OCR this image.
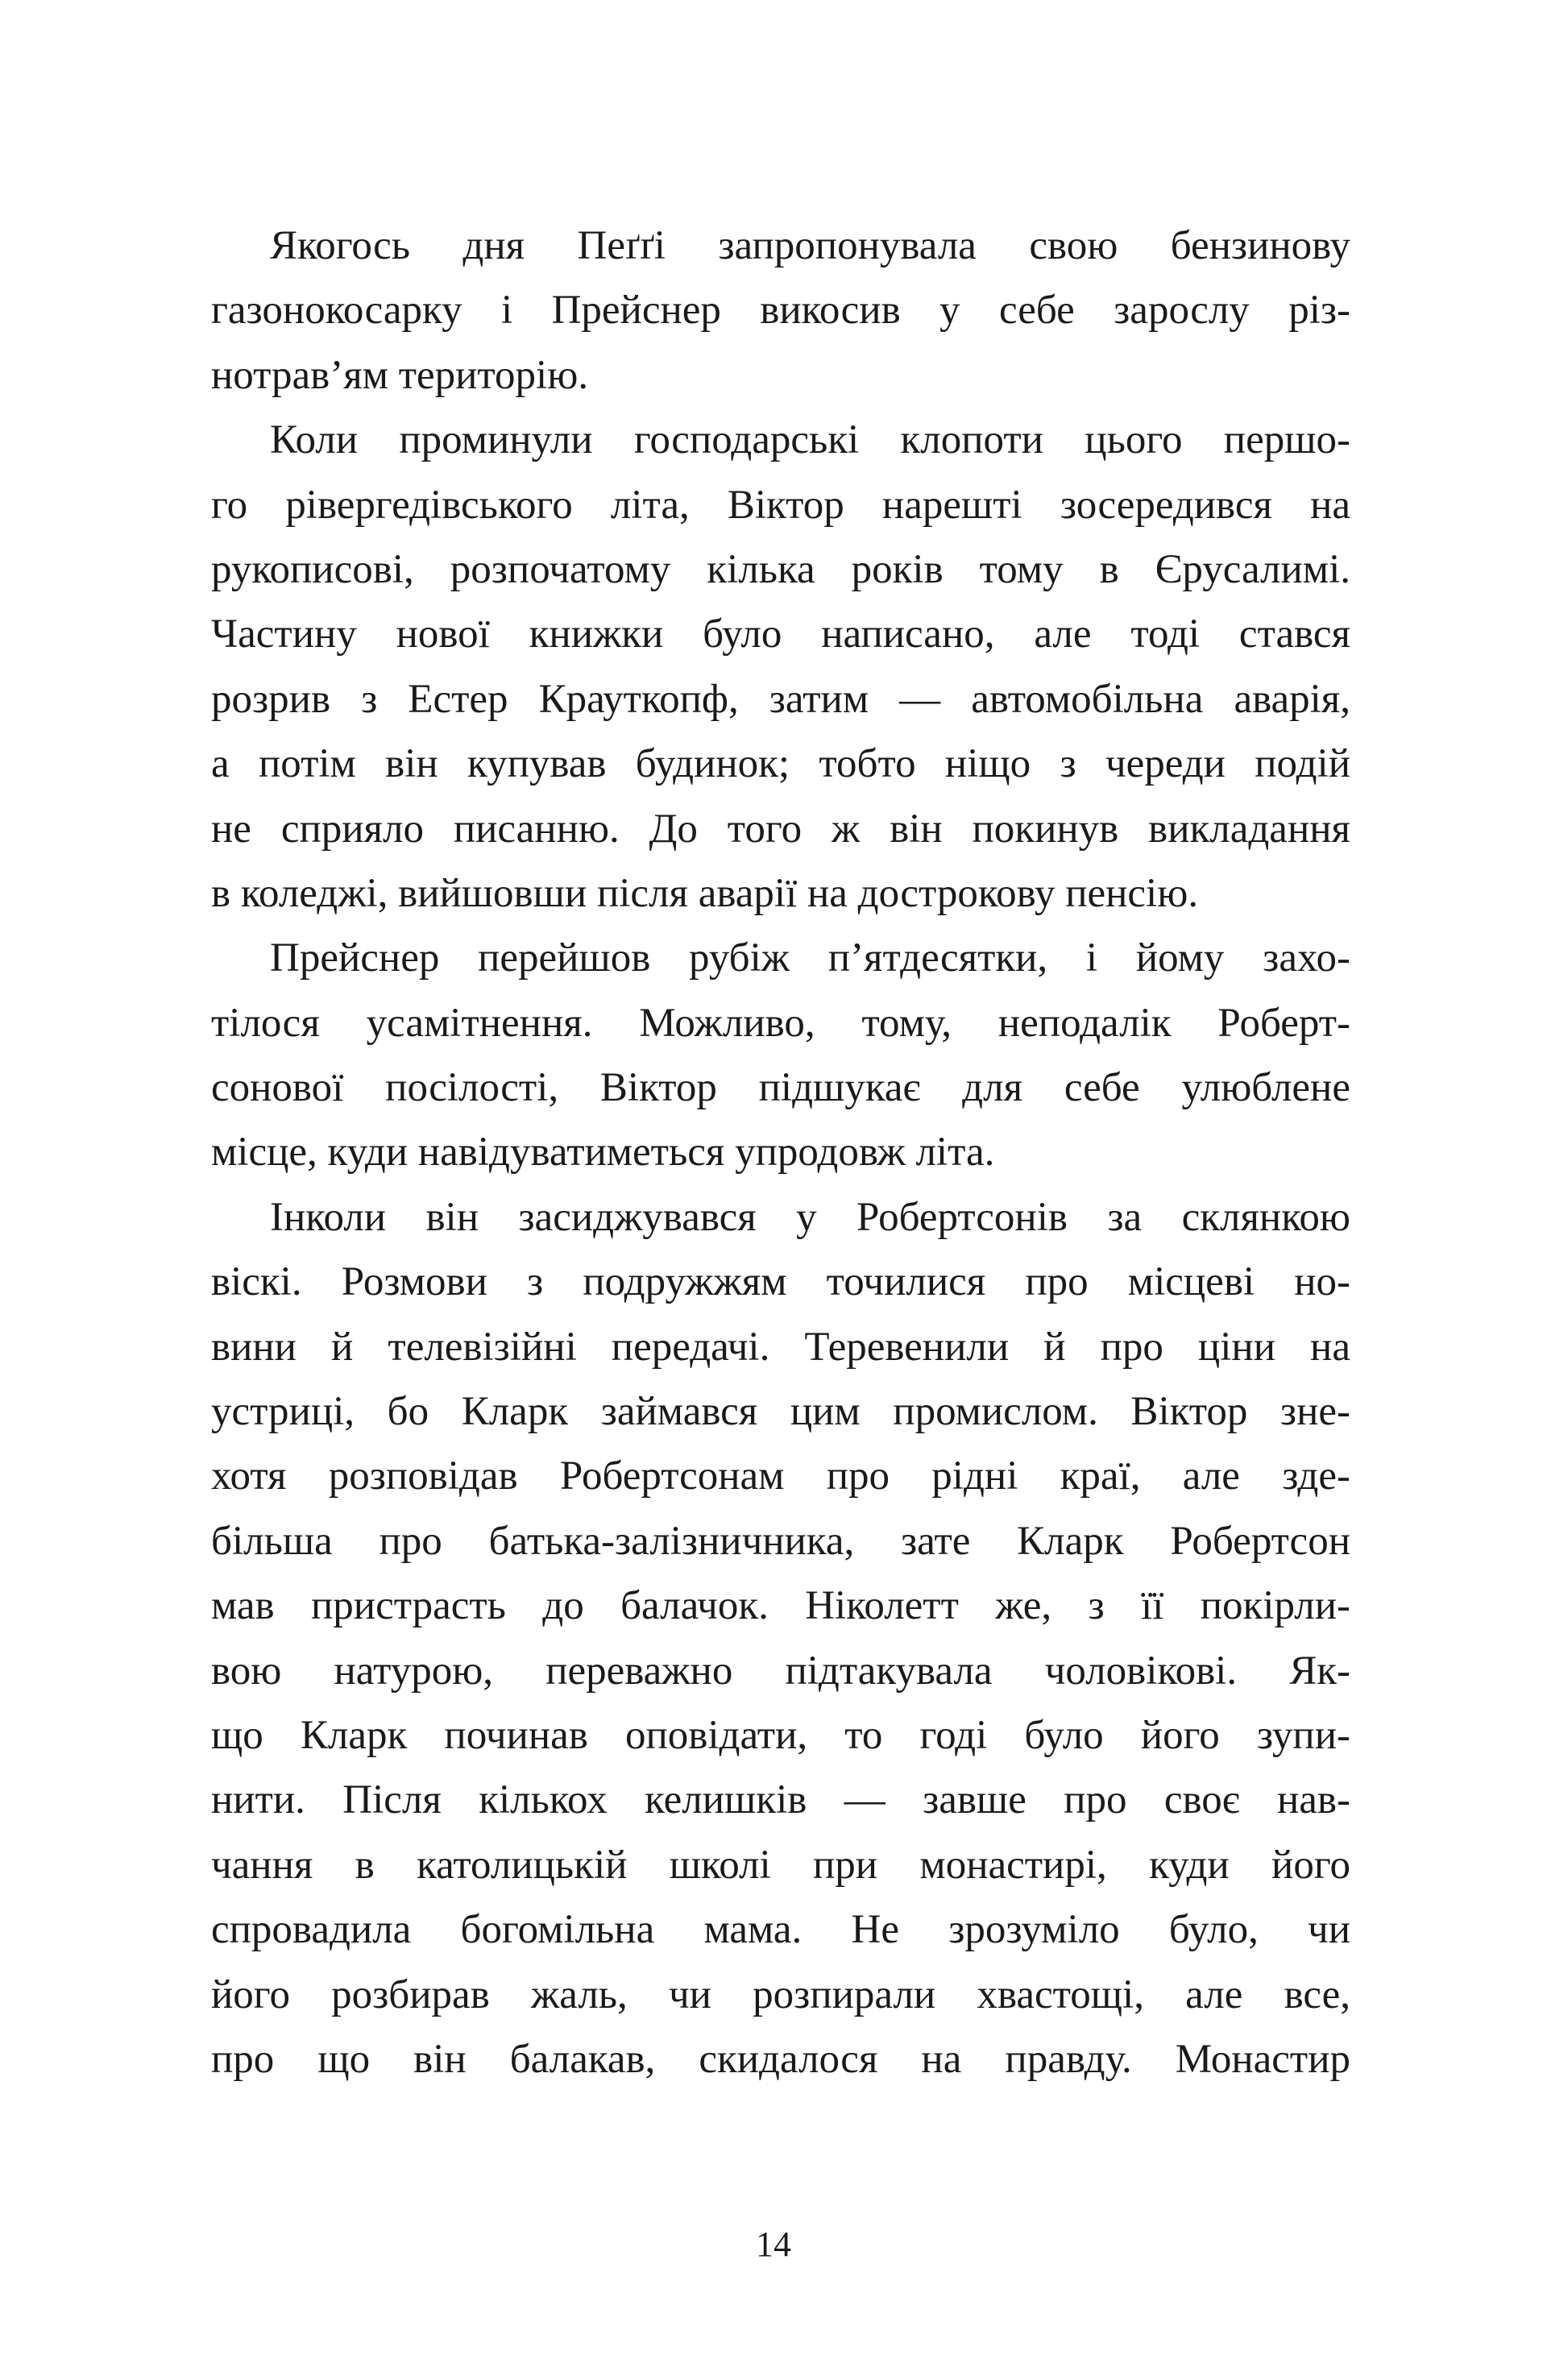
Якогось дня Пеґґі запропонувала свою бензинову
газонокосарку і Прейснер викосив у себе зарослу різ-
нотрав’ям територію.
Коли проминули господарські клопоти цього першо-
го рівергедівського літа, Віктор нарешті зосередився на
рукописові, розпочатому кілька років тому в Єрусалимі.
Частину нової книжки було написано, але тоді стався
розрив з Естер Крауткопф, затим — автомобільна аварія,
а потім він купував будинок; тобто ніщо з череди подій
не сприяло писанню. До того ж він покинув викладання
в коледжі, вийшовши після аварії на дострокову пенсію.
Прейснер перейшов рубіж п’ятдесятки, і йому захо-
тілося усамітнення. Можливо, тому, неподалік Роберт-
сонової посілості, Віктор підшукає для себе улюблене
місце, куди навідуватиметься упродовж літа.
Інколи він засиджувався у Робертсонів за склянкою
віскі. Розмови з подружжям точилися про місцеві но-
вини й телевізійні передачі. Теревенили й про ціни на
устриці, бо Кларк займався цим промислом. Віктор зне-
хотя розповідав Робертсонам про рідні краї, але зде-
більша про батька-залізничника, зате Кларк Робертсон
мав пристрасть до балачок. Ніколетт же, з її покірли-
вою натурою, переважно підтакувала чоловікові. Як-
що Кларк починав оповідати, то годі було його зупи-
нити. Після кількох келишків — завше про своє нав-
чання в католицькій школі при монастирі, куди його
спровадила богомільна мама. Не зрозуміло було, чи
його розбирав жаль, чи розпирали хвастощі, але все,
про що він балакав, скидалося на правду. Монастир
14
